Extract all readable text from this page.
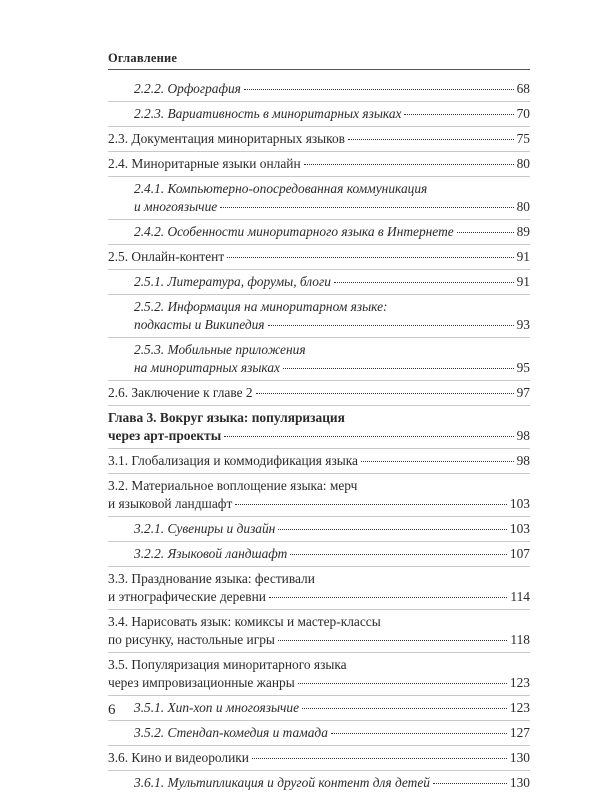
Оглавление
2.2.2. Орфография	68
2.2.3. Вариативность в миноритарных языках	70
2.3. Документация миноритарных языков	75
2.4. Миноритарные языки онлайн	80
2.4.1. Компьютерно-опосредованная коммуникация
и многоязычие	80
2.4.2. Особенности миноритарного языка в Интернете	89
2.5. Онлайн-контент	91
2.5.1. Литература, форумы, блоги	91
2.5.2. Информация на миноритарном языке:
подкасты и Википедия	93
2.5.3. Мобильные приложения
на миноритарных языках	95
2.6. Заключение к главе 2	97
Глава 3. Вокруг языка: популяризация
через арт-проекты	98
3.1. Глобализация и коммодификация языка	98
3.2. Материальное воплощение языка: мерч
и языковой ландшафт	103
3.2.1. Сувениры и дизайн	103
3.2.2. Языковой ландшафт	107
3.3. Празднование языка: фестивали
и этнографические деревни	114
3.4. Нарисовать язык: комиксы и мастер-классы
по рисунку, настольные игры	118
3.5. Популяризация миноритарного языка
через импровизационные жанры	123
3.5.1. Хип-хоп и многоязычие	123
3.5.2. Стендап-комедия и тамада	127
3.6. Кино и видеоролики	130
3.6.1. Мультипликация и другой контент для детей	130
6
